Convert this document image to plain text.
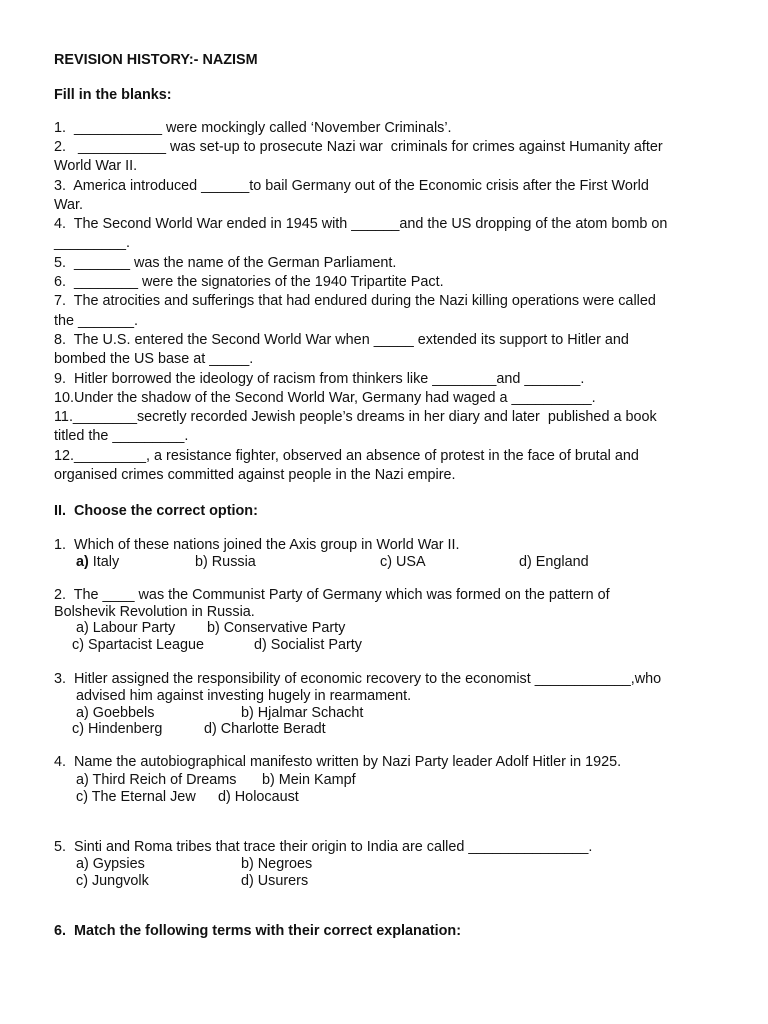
REVISION HISTORY:- NAZISM
Fill in the blanks:
1.  ___________ were mockingly called ‘November Criminals’.
2.   ___________ was set-up to prosecute Nazi war  criminals for crimes against Humanity after
World War II.
3.  America introduced ______to bail Germany out of the Economic crisis after the First World
War.
4.  The Second World War ended in 1945 with ______and the US dropping of the atom bomb on
_________.
5.  _______ was the name of the German Parliament.
6.  ________ were the signatories of the 1940 Tripartite Pact.
7.  The atrocities and sufferings that had endured during the Nazi killing operations were called
the _______.
8.  The U.S. entered the Second World War when _____ extended its support to Hitler and
bombed the US base at _____.
9.  Hitler borrowed the ideology of racism from thinkers like ________and _______.
10.Under the shadow of the Second World War, Germany had waged a __________.
11.________secretly recorded Jewish people’s dreams in her diary and later  published a book
titled the _________.
12._________, a resistance fighter, observed an absence of protest in the face of brutal and
organised crimes committed against people in the Nazi empire.
II.  Choose the correct option:
1.  Which of these nations joined the Axis group in World War II.
a) Italy	b) Russia	c) USA	d) England
2.  The ____ was the Communist Party of Germany which was formed on the pattern of
Bolshevik Revolution in Russia.
a) Labour Party b) Conservative Party
c) Spartacist League	d) Socialist Party
3.  Hitler assigned the responsibility of economic recovery to the economist ____________,who
advised him against investing hugely in rearmament.
a) Goebbels	b) Hjalmar Schacht
c) Hindenberg	d) Charlotte Beradt
4.  Name the autobiographical manifesto written by Nazi Party leader Adolf Hitler in 1925.
a) Third Reich of Dreams b) Mein Kampf
c) The Eternal Jew d) Holocaust
5.  Sinti and Roma tribes that trace their origin to India are called _______________.
a) Gypsies	b) Negroes
c) Jungvolk	d) Usurers
6.  Match the following terms with their correct explanation:
